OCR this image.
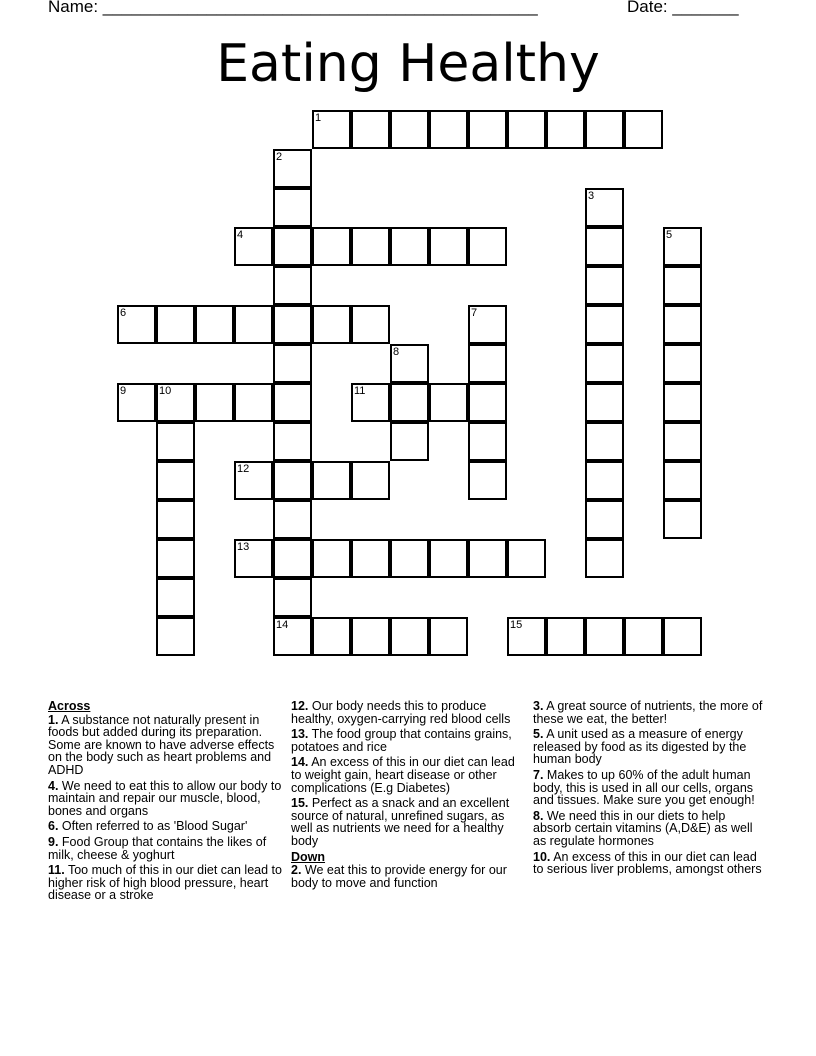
Name: ______________________________________________	Date: _______
Eating Healthy
1
2
3
4	5
6	7
8
9	10	11
12
13
14	15

Across

1. A substance not naturally present in foods but added during its preparation. Some are known to have adverse effects on the body such as heart problems and ADHD

4. We need to eat this to allow our body to maintain and repair our muscle, blood, bones and organs

6. Often referred to as 'Blood Sugar'

9. Food Group that contains the likes of milk, cheese & yoghurt

11. Too much of this in our diet can lead to higher risk of high blood pressure, heart disease or a stroke

12. Our body needs this to produce healthy, oxygen-carrying red blood cells

13. The food group that contains grains, potatoes and rice

14. An excess of this in our diet can lead to weight gain, heart disease or other complications (E.g Diabetes)

15. Perfect as a snack and an excellent source of natural, unrefined sugars, as well as nutrients we need for a healthy body

Down

2. We eat this to provide energy for our body to move and function

3. A great source of nutrients, the more of these we eat, the better!

5. A unit used as a measure of energy released by food as its digested by the human body

7. Makes to up 60% of the adult human body, this is used in all our cells, organs and tissues. Make sure you get enough!

8. We need this in our diets to help absorb certain vitamins (A,D&E) as well as regulate hormones

10. An excess of this in our diet can lead to serious liver problems, amongst others
